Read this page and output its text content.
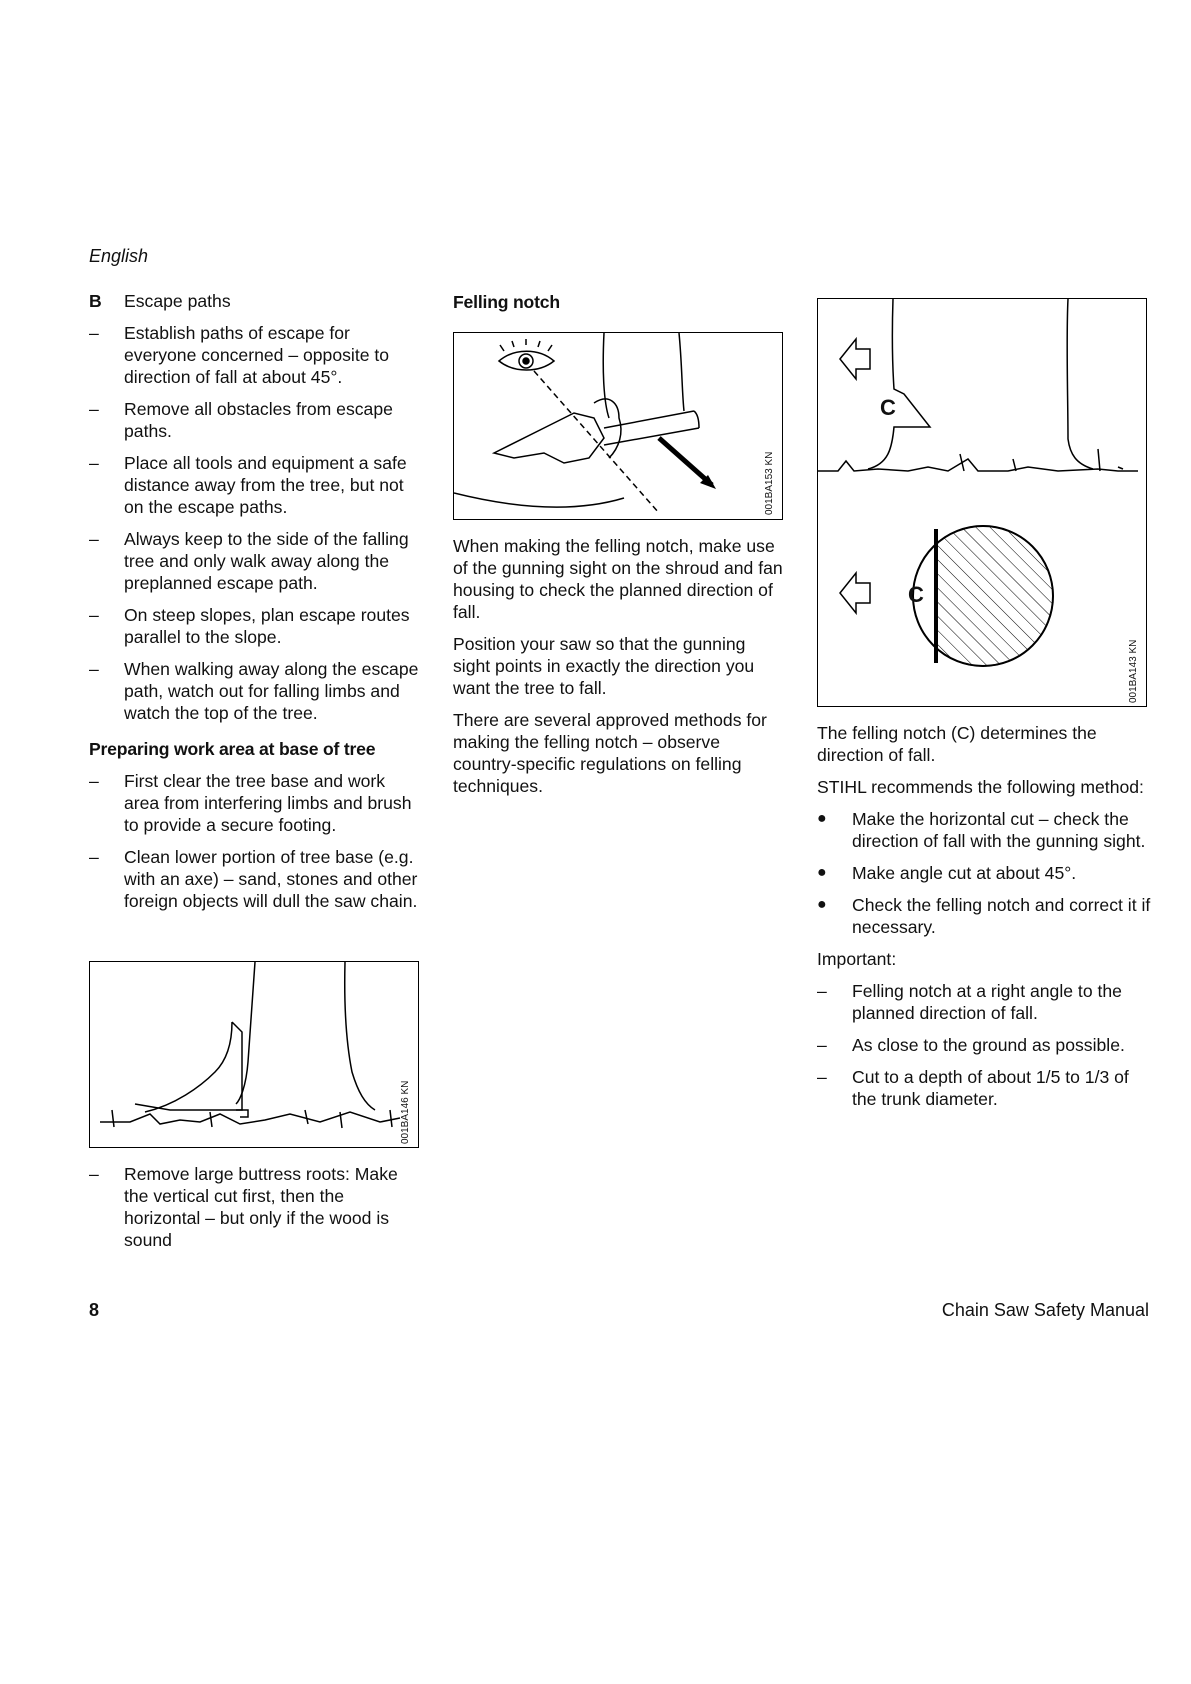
English
B Escape paths
– Establish paths of escape for everyone concerned – opposite to direction of fall at about 45°.
– Remove all obstacles from escape paths.
– Place all tools and equipment a safe distance away from the tree, but not on the escape paths.
– Always keep to the side of the falling tree and only walk away along the preplanned escape path.
– On steep slopes, plan escape routes parallel to the slope.
– When walking away along the escape path, watch out for falling limbs and watch the top of the tree.
Preparing work area at base of tree
– First clear the tree base and work area from interfering limbs and brush to provide a secure footing.
– Clean lower portion of tree base (e.g. with an axe) – sand, stones and other foreign objects will dull the saw chain.
001BA146 KN
– Remove large buttress roots: Make the vertical cut first, then the horizontal – but only if the wood is sound
Felling notch
001BA153 KN

When making the felling notch, make use of the gunning sight on the shroud and fan housing to check the planned direction of fall.

Position your saw so that the gunning sight points in exactly the direction you want the tree to fall.

There are several approved methods for making the felling notch – observe country-specific regulations on felling techniques.

C
C
001BA143 KN

The felling notch (C) determines the direction of fall.

STIHL recommends the following method:

● Make the horizontal cut – check the direction of fall with the gunning sight.
● Make angle cut at about 45°.
● Check the felling notch and correct it if necessary.

Important:

– Felling notch at a right angle to the planned direction of fall.
– As close to the ground as possible.
– Cut to a depth of about 1/5 to 1/3 of the trunk diameter.
8	Chain Saw Safety Manual
